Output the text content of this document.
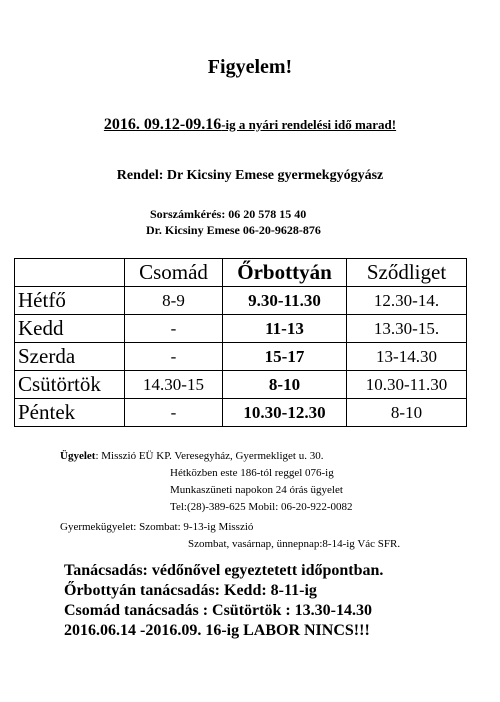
Figyelem!
2016. 09.12-09.16-ig a nyári rendelési idő marad!
Rendel: Dr Kicsiny Emese gyermekgyógyász
Sorszámkérés: 06 20 578 15 40
Dr. Kicsiny Emese 06-20-9628-876
	Csomád	Őrbottyán	Sződliget
Hétfő	8-9	9.30-11.30	12.30-14.
Kedd	-	11-13	13.30-15.
Szerda	-	15-17	13-14.30
Csütörtök	14.30-15	8-10	10.30-11.30
Péntek	-	10.30-12.30	8-10
Ügyelet: Misszió EÜ KP. Veresegyház, Gyermekliget u. 30.
Hétközben este 186-tól reggel 076-ig
Munkaszüneti napokon 24 órás ügyelet
Tel:(28)-389-625 Mobil: 06-20-922-0082
Gyermekügyelet: Szombat: 9-13-ig Misszió
Szombat, vasárnap, ünnepnap:8-14-ig Vác SFR.
Tanácsadás: védőnővel egyeztetett időpontban.
Őrbottyán tanácsadás: Kedd: 8-11-ig
Csomád tanácsadás : Csütörtök : 13.30-14.30
2016.06.14 -2016.09. 16-ig LABOR NINCS!!!
